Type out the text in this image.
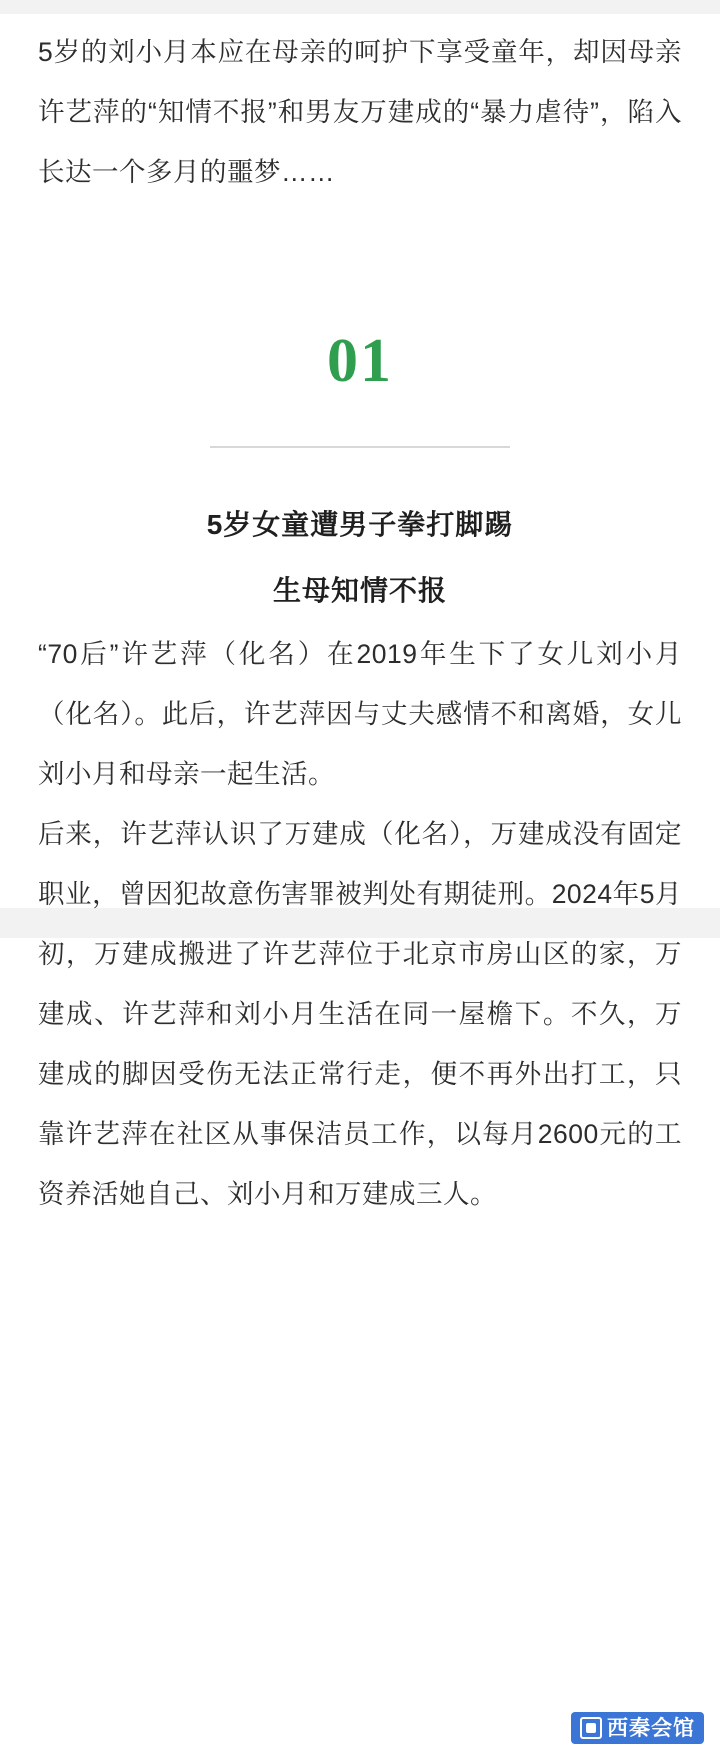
5岁的刘小月本应在母亲的呵护下享受童年，却因母亲许艺萍的“知情不报”和男友万建成的“暴力虐待”，陷入长达一个多月的噩梦……

01
5岁女童遭男子拳打脚踢
生母知情不报

“70后”许艺萍（化名）在2019年生下了女儿刘小月（化名）。此后，许艺萍因与丈夫感情不和离婚，女儿刘小月和母亲一起生活。

后来，许艺萍认识了万建成（化名），万建成没有固定职业，曾因犯故意伤害罪被判处有期徒刑。2024年5月初，万建成搬进了许艺萍位于北京市房山区的家，万建成、许艺萍和刘小月生活在同一屋檐下。不久，万建成的脚因受伤无法正常行走，便不再外出打工，只靠许艺萍在社区从事保洁员工作，以每月2600元的工资养活她自己、刘小月和万建成三人。

西秦会馆
